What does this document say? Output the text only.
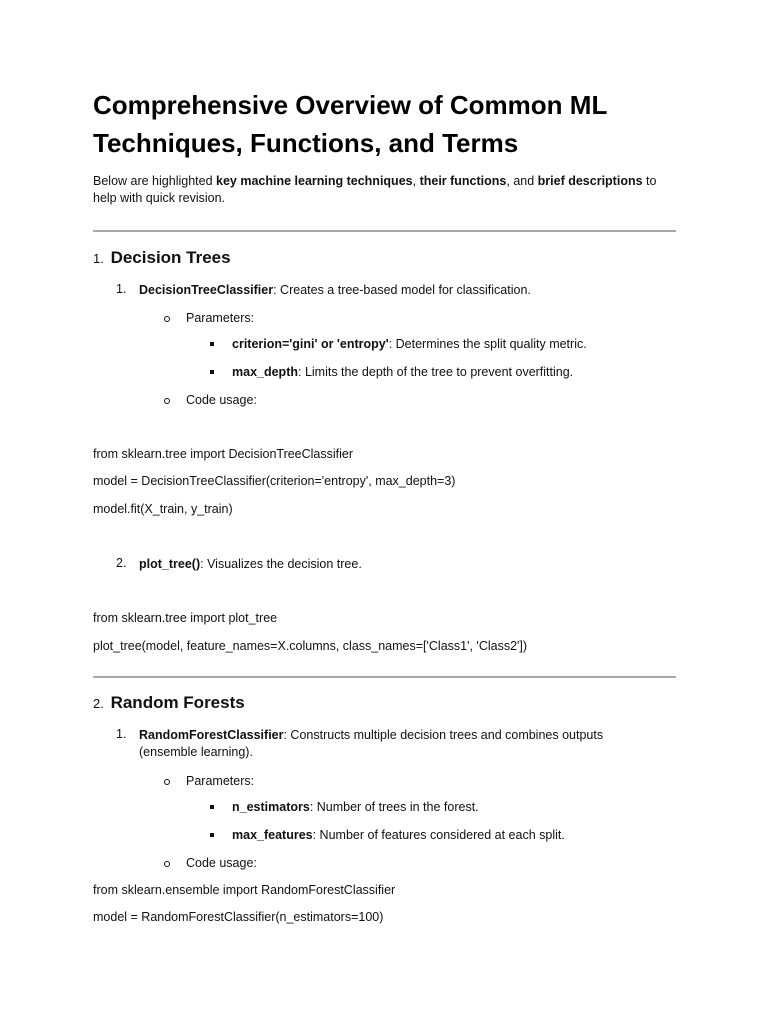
Comprehensive Overview of Common ML Techniques, Functions, and Terms
Below are highlighted key machine learning techniques, their functions, and brief descriptions to help with quick revision.
1. Decision Trees
1. DecisionTreeClassifier: Creates a tree-based model for classification.
Parameters:
criterion='gini' or 'entropy': Determines the split quality metric.
max_depth: Limits the depth of the tree to prevent overfitting.
Code usage:
from sklearn.tree import DecisionTreeClassifier
model = DecisionTreeClassifier(criterion='entropy', max_depth=3)
model.fit(X_train, y_train)
2. plot_tree(): Visualizes the decision tree.
from sklearn.tree import plot_tree
plot_tree(model, feature_names=X.columns, class_names=['Class1', 'Class2'])
2. Random Forests
1. RandomForestClassifier: Constructs multiple decision trees and combines outputs (ensemble learning).
Parameters:
n_estimators: Number of trees in the forest.
max_features: Number of features considered at each split.
Code usage:
from sklearn.ensemble import RandomForestClassifier
model = RandomForestClassifier(n_estimators=100)
